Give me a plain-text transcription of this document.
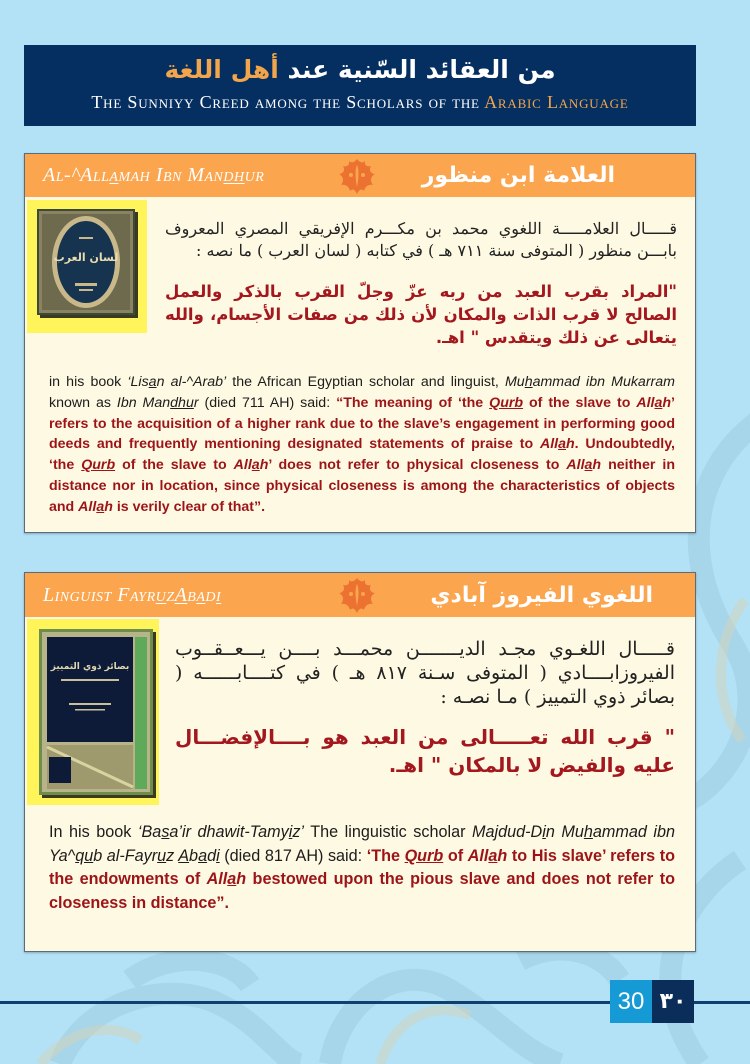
من العقائد السّنية عند أهل اللغة
The Sunniyy Creed among the Scholars of the Arabic Language
Al-^All a mah Ibn Man dh ur	العلامة ابن منظور
لسان العرب
قـــــال العلامـــــة اللغوي محمد بن مكـــرم الإفريقي المصري المعروف بابـــن منظور ( المتوفى سنة ٧١١ هـ ) في كتابه ( لسان العرب ) ما نصه :
"المراد بقرب العبد من ربه عزّ وجلّ القرب بالذكر والعمل الصالح لا قرب الذات والمكان لأن ذلك من صفات الأجسام، والله يتعالى عن ذلك ويتقدس " اهـ.
in his book ‘Lisan al-^Arab’ the African Egyptian scholar and linguist, Muhammad ibn Mukarram known as Ibn Mandhur (died 711 AH) said: “The meaning of ‘the Qurb of the slave to Allah’ refers to the acquisition of a higher rank due to the slave’s engagement in performing good deeds and frequently mentioning designated statements of praise to Allah. Undoubtedly, ‘the Qurb of the slave to Allah’ does not refer to physical closeness to Allah neither in distance nor in location, since physical closeness is among the characteristics of objects and Allah is verily clear of that”.
Linguist Fayr u z A b a d i	اللغوي الفيروز آبادي
بصائر ذوي التمييز
قـــــال اللغـوي مجـد الديـــــــن محمـــد بــــن يـــعــقــوب الفيروزابــــادي ( المتوفى سـنة ٨١٧ هـ ) في كتــــابــــــه ( بصائر ذوي التمييز ) مـا نصـه :
" قرب الله تعـــــالى من العبد هو بــــالإفضـــال عليه والفيض لا بالمكان " اهـ.
In his book ‘Basa’ir dhawit-Tamyiz’ The linguistic scholar Majdud-Din Muhammad ibn Ya^qub al-Fayruz Abadi (died 817 AH) said: ‘The Qurb of Allah to His slave’ refers to the endowments of Allah bestowed upon the pious slave and does not refer to closeness in distance”.
30 ٣٠
